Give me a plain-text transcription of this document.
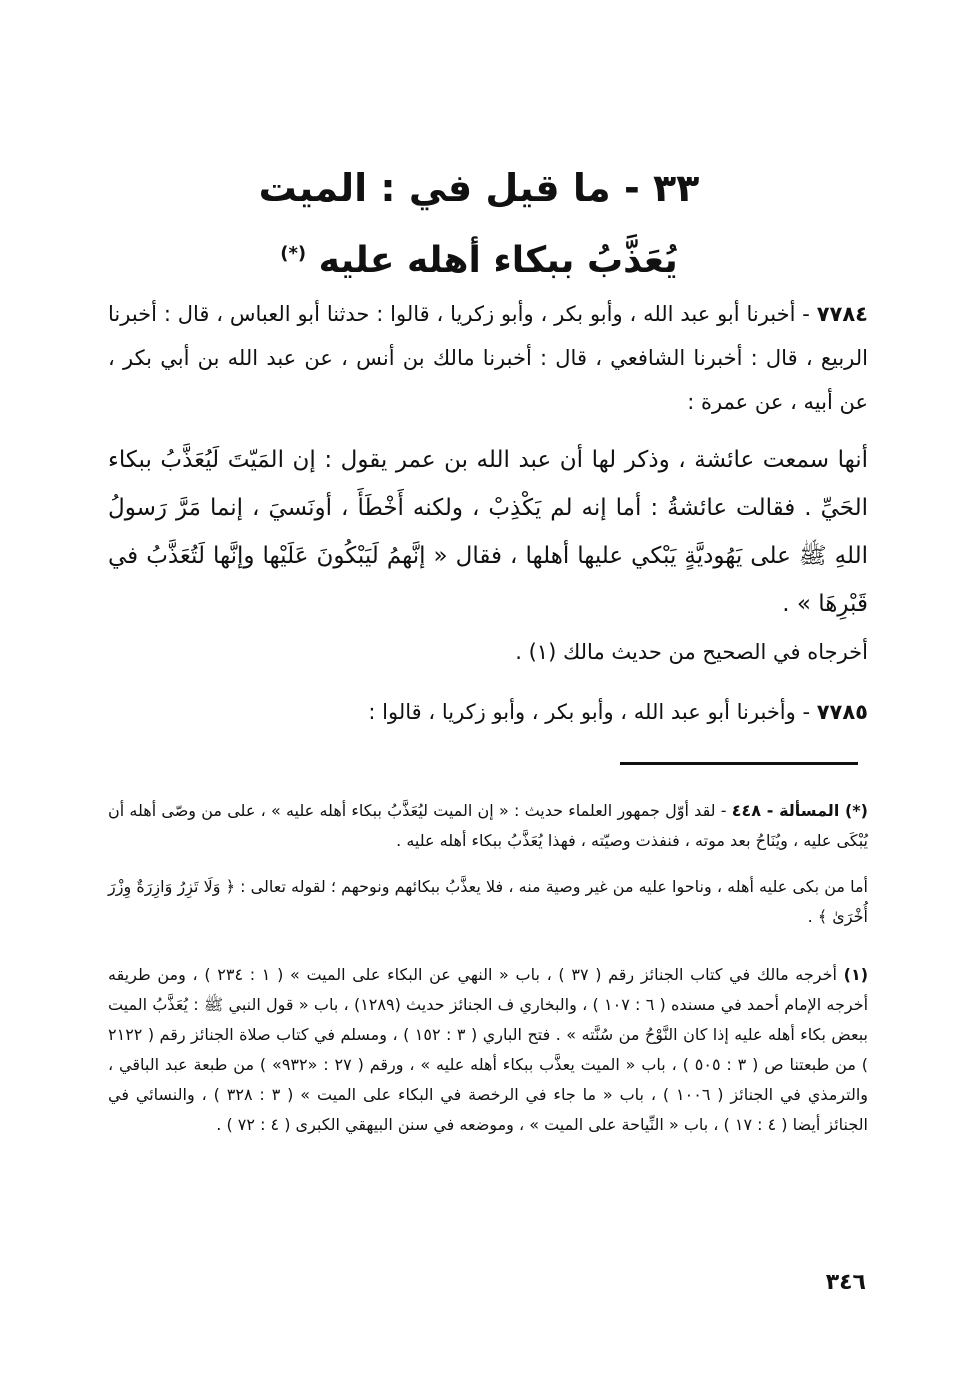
٣٣ - ما قيل في : الميت
يُعَذَّبُ ببكاء أهله عليه (*)

٧٧٨٤ - أخبرنا أبو عبد الله ، وأبو بكر ، وأبو زكريا ، قالوا : حدثنا أبو العباس ، قال : أخبرنا الربيع ، قال : أخبرنا الشافعي ، قال : أخبرنا مالك بن أنس ، عن عبد الله بن أبي بكر ، عن أبيه ، عن عمرة :

أنها سمعت عائشة ، وذكر لها أن عبد الله بن عمر يقول : إن المَيّتَ لَيُعَذَّبُ ببكاء الحَيِّ . فقالت عائشةُ : أما إنه لم يَكْذِبْ ، ولكنه أَخْطَأَ ، أونَسيَ ، إنما مَرَّ رَسولُ اللهِ ﷺ على يَهُوديَّةٍ يَبْكي عليها أهلها ، فقال « إنَّهمُ لَيَبْكُونَ عَلَيْها وإنَّها لَتُعَذَّبُ في قَبْرِهَا » .

أخرجاه في الصحيح من حديث مالك (١) .

٧٧٨٥ - وأخبرنا أبو عبد الله ، وأبو بكر ، وأبو زكريا ، قالوا :

(*) المسألة - ٤٤٨ - لقد أوّل جمهور العلماء حديث : « إن الميت ليُعَذَّبُ ببكاء أهله عليه » ، على من وصّى أهله أن يُبْكَى عليه ، ويُنَاحُ بعد موته ، فنفذت وصيّته ، فهذا يُعَذَّبُ ببكاء أهله عليه .

أما من بكى عليه أهله ، وناحوا عليه من غير وصية منه ، فلا يعذَّبُ ببكائهم ونوحهم ؛ لقوله تعالى : ﴿ وَلَا تَزِرُ وَازِرَةٌ وِزْرَ أُخْرَىٰ ﴾ .

(١) أخرجه مالك في كتاب الجنائز رقم ( ٣٧ ) ، باب « النهي عن البكاء على الميت » ( ١ : ٢٣٤ ) ، ومن طريقه أخرجه الإمام أحمد في مسنده ( ٦ : ١٠٧ ) ، والبخاري ف الجنائز حديث (١٢٨٩) ، باب « قول النبي ﷺ : يُعَذَّبُ الميت ببعض بكاء أهله عليه إذا كان النَّوْحُ من سُنَّته » . فتح الباري ( ٣ : ١٥٢ ) ، ومسلم في كتاب صلاة الجنائز رقم ( ٢١٢٢ ) من طبعتنا ص ( ٣ : ٥٠٥ ) ، باب « الميت يعذَّب ببكاء أهله عليه » ، ورقم ( ٢٧ : «٩٣٢» ) من طبعة عبد الباقي ، والترمذي في الجنائز ( ١٠٠٦ ) ، باب « ما جاء في الرخصة في البكاء على الميت » ( ٣ : ٣٢٨ ) ، والنسائي في الجنائز أيضا ( ٤ : ١٧ ) ، باب « النِّياحة على الميت » ، وموضعه في سنن البيهقي الكبرى ( ٤ : ٧٢ ) .

٣٤٦
